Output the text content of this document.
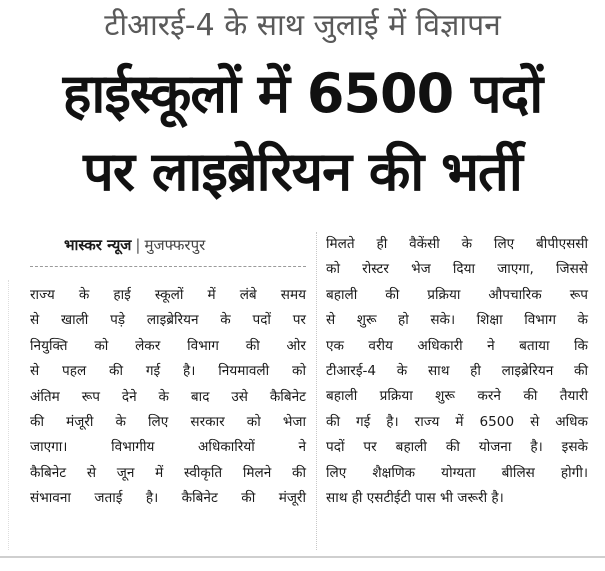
टीआरई-4 के साथ जुलाई में विज्ञापन
हाईस्कूलों में 6500 पदों
पर लाइब्रेरियन की भर्ती
भास्कर न्यूज | मुजफ्फरपुर
राज्य के हाई स्कूलों में लंबे समय
से खाली पड़े लाइब्रेरियन के पदों पर
नियुक्ति को लेकर विभाग की ओर
से पहल की गई है। नियमावली को
अंतिम रूप देने के बाद उसे कैबिनेट
की मंजूरी के लिए सरकार को भेजा
जाएगा। विभागीय अधिकारियों ने
कैबिनेट से जून में स्वीकृति मिलने की
संभावना जताई है। कैबिनेट की मंजूरी
मिलते ही वैकेंसी के लिए बीपीएससी
को रोस्टर भेज दिया जाएगा, जिससे
बहाली की प्रक्रिया औपचारिक रूप
से शुरू हो सके। शिक्षा विभाग के
एक वरीय अधिकारी ने बताया कि
टीआरई-4 के साथ ही लाइब्रेरियन की
बहाली प्रक्रिया शुरू करने की तैयारी
की गई है। राज्य में 6500 से अधिक
पदों पर बहाली की योजना है। इसके
लिए शैक्षणिक योग्यता बीलिस होगी।
साथ ही एसटीईटी पास भी जरूरी है।
